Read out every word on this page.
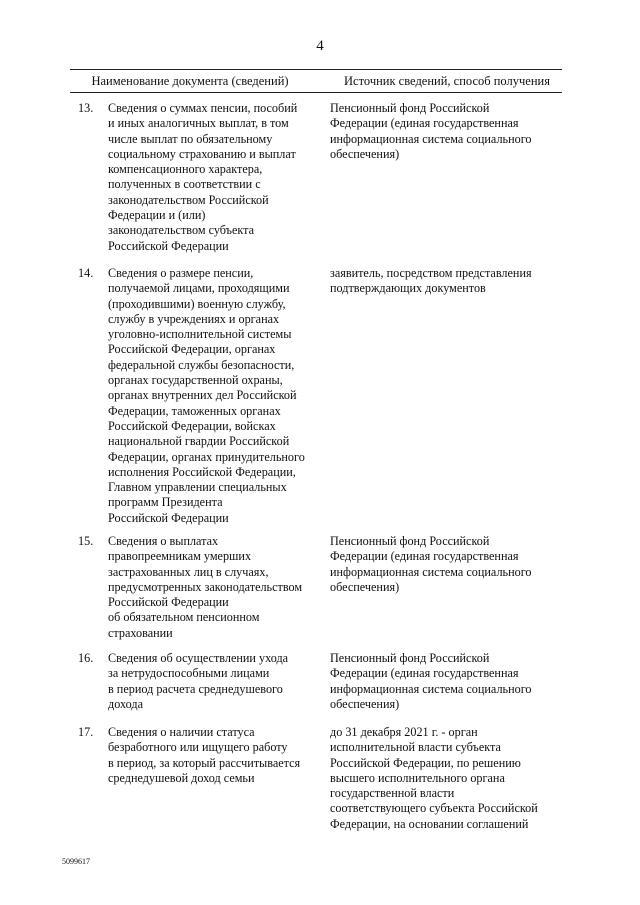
4
Наименование документа (сведений)	Источник сведений, способ получения
13. Сведения о суммах пенсии, пособий
и иных аналогичных выплат, в том
числе выплат по обязательному
социальному страхованию и выплат
компенсационного характера,
полученных в соответствии с
законодательством Российской
Федерации и (или)
законодательством субъекта
Российской Федерации
Пенсионный фонд Российской
Федерации (единая государственная
информационная система социального
обеспечения)
14. Сведения о размере пенсии,
получаемой лицами, проходящими
(проходившими) военную службу,
службу в учреждениях и органах
уголовно-исполнительной системы
Российской Федерации, органах
федеральной службы безопасности,
органах государственной охраны,
органах внутренних дел Российской
Федерации, таможенных органах
Российской Федерации, войсках
национальной гвардии Российской
Федерации, органах принудительного
исполнения Российской Федерации,
Главном управлении специальных
программ Президента
Российской Федерации
заявитель, посредством представления
подтверждающих документов
15. Сведения о выплатах
правопреемникам умерших
застрахованных лиц в случаях,
предусмотренных законодательством
Российской Федерации
об обязательном пенсионном
страховании
Пенсионный фонд Российской
Федерации (единая государственная
информационная система социального
обеспечения)
16. Сведения об осуществлении ухода
за нетрудоспособными лицами
в период расчета среднедушевого
дохода
Пенсионный фонд Российской
Федерации (единая государственная
информационная система социального
обеспечения)
17. Сведения о наличии статуса
безработного или ищущего работу
в период, за который рассчитывается
среднедушевой доход семьи
до 31 декабря 2021 г. - орган
исполнительной власти субъекта
Российской Федерации, по решению
высшего исполнительного органа
государственной власти
соответствующего субъекта Российской
Федерации, на основании соглашений
5099617
